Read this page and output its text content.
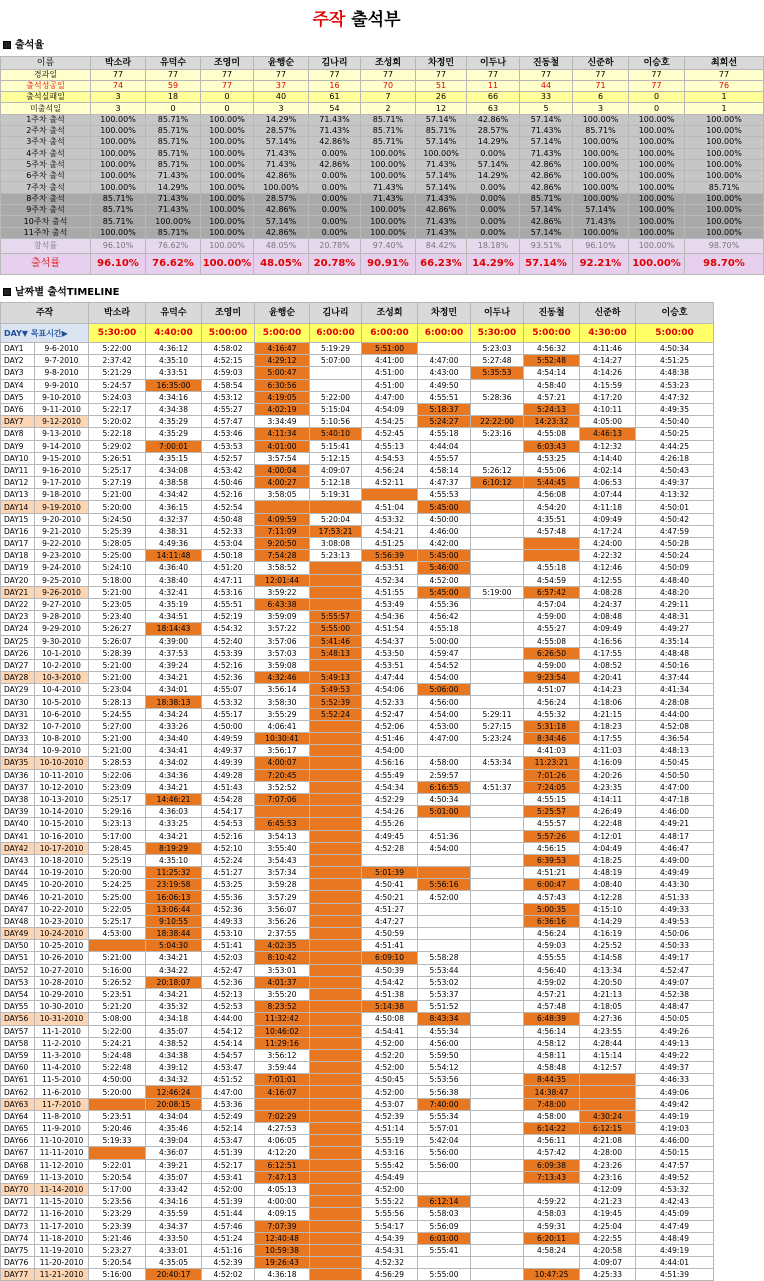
주작 출석부
출석율
이름	박소라	유덕수	조영미	윤행순	김나리	조성희	차정민	이두나	진동철	신준하	이승호	최희선
경과일	77	77	77	77	77	77	77	77	77	77	77	77
출석성공일	74	59	77	37	16	70	51	11	44	71	77	76
출석실패일	3	18	0	40	61	7	26	66	33	6	0	1
미출석일	3	0	0	3	54	2	12	63	5	3	0	1
1주차 출석	100.00%	85.71%	100.00%	14.29%	71.43%	85.71%	57.14%	42.86%	57.14%	100.00%	100.00%	100.00%
2주차 출석	100.00%	85.71%	100.00%	28.57%	71.43%	85.71%	85.71%	28.57%	71.43%	85.71%	100.00%	100.00%
3주차 출석	100.00%	85.71%	100.00%	57.14%	42.86%	85.71%	57.14%	14.29%	57.14%	100.00%	100.00%	100.00%
4주차 출석	100.00%	85.71%	100.00%	71.43%	0.00%	100.00%	100.00%	0.00%	71.43%	100.00%	100.00%	100.00%
5주차 출석	100.00%	85.71%	100.00%	71.43%	42.86%	100.00%	71.43%	57.14%	42.86%	100.00%	100.00%	100.00%
6주차 출석	100.00%	71.43%	100.00%	42.86%	0.00%	100.00%	57.14%	14.29%	42.86%	100.00%	100.00%	100.00%
7주차 출석	100.00%	14.29%	100.00%	100.00%	0.00%	71.43%	57.14%	0.00%	42.86%	100.00%	100.00%	85.71%
8주차 출석	85.71%	71.43%	100.00%	28.57%	0.00%	71.43%	71.43%	0.00%	85.71%	100.00%	100.00%	100.00%
9주차 출석	85.71%	71.43%	100.00%	42.86%	0.00%	100.00%	42.86%	0.00%	57.14%	57.14%	100.00%	100.00%
10주차 출석	85.71%	100.00%	100.00%	57.14%	0.00%	100.00%	71.43%	0.00%	42.86%	71.43%	100.00%	100.00%
11주차 출석	100.00%	85.71%	100.00%	42.86%	0.00%	100.00%	71.43%	0.00%	57.14%	100.00%	100.00%	100.00%
참석률	96.10%	76.62%	100.00%	48.05%	20.78%	97.40%	84.42%	18.18%	93.51%	96.10%	100.00%	98.70%
출석률	96.10%	76.62%	100.00%	48.05%	20.78%	90.91%	66.23%	14.29%	57.14%	92.21%	100.00%	98.70%
날짜별 출석TIMELINE
주작		박소라	유덕수	조영미	윤행순	김나리	조성희	차정민	이두나	진동철	신준하	이승호	
DAY▼ 목표시간▶		5:30:00	4:40:00	5:00:00	5:00:00	6:00:00	6:00:00	6:00:00	5:30:00	5:00:00	4:30:00	5:00:00	
DAY1	9-6-2010	5:22:00	4:36:12	4:58:02	4:16:47	5:19:29	5:51:00		5:23:03	4:56:32	4:11:46	4:50:34	
DAY2	9-7-2010	2:37:42	4:35:10	4:52:15	4:29:12	5:07:00	4:41:00	4:47:00	5:27:48	5:52:48	4:14:27	4:51:25	
DAY3	9-8-2010	5:21:29	4:33:51	4:59:03	5:00:47		4:51:00	4:43:00	5:35:53	4:54:14	4:14:26	4:48:38	
DAY4	9-9-2010	5:24:57	16:35:00	4:58:54	6:30:56		4:51:00	4:49:50		4:58:40	4:15:59	4:53:23	
DAY5	9-10-2010	5:24:03	4:34:16	4:53:12	4:19:05	5:22:00	4:47:00	4:55:51	5:28:36	4:57:21	4:17:20	4:47:32	
DAY6	9-11-2010	5:22:17	4:34:38	4:55:27	4:02:19	5:15:04	4:54:09	5:18:37		5:24:13	4:10:11	4:49:35	
DAY7	9-12-2010	5:20:02	4:35:29	4:57:47	3:34:49	5:10:56	4:54:25	5:24:27	22:22:00	14:23:32	4:05:00	4:50:40	
DAY8	9-13-2010	5:22:18	4:35:29	4:53:46	4:11:34	5:40:10	4:52:45	4:55:18	5:23:16	4:55:08	4:46:13	4:50:25	
DAY9	9-14-2010	5:29:02	7:00:01	4:53:53	4:01:00	5:15:41	4:55:13	4:44:04		6:03:43	4:12:32	4:44:25	
DAY10	9-15-2010	5:26:51	4:35:15	4:52:57	3:57:54	5:12:15	4:54:53	4:55:57		4:53:25	4:14:40	4:26:18	
DAY11	9-16-2010	5:25:17	4:34:08	4:53:42	4:00:04	4:09:07	4:56:24	4:58:14	5:26:12	4:55:06	4:02:14	4:50:43	
DAY12	9-17-2010	5:27:19	4:38:58	4:50:46	4:00:27	5:12:18	4:52:11	4:47:37	6:10:12	5:44:45	4:06:53	4:49:37	
DAY13	9-18-2010	5:21:00	4:34:42	4:52:16	3:58:05	5:19:31		4:55:53		4:56:08	4:07:44	4:13:32	
DAY14	9-19-2010	5:20:00	4:36:15	4:52:54			4:51:04	5:45:00		4:54:20	4:11:18	4:50:01	
DAY15	9-20-2010	5:24:50	4:32:37	4:50:48	4:09:59	5:20:04	4:53:32	4:50:00		4:35:51	4:09:49	4:50:42	
DAY16	9-21-2010	5:25:39	4:38:31	4:52:33	7:11:09	17:53:21	4:54:21	4:46:00		4:57:48	4:17:24	4:47:59	
DAY17	9-22-2010	5:28:05	4:49:36	4:53:04	9:20:50	3:08:08	4:51:25	4:42:00			4:24:00	4:50:28	
DAY18	9-23-2010	5:25:00	14:11:48	4:50:18	7:54:28	5:23:13	5:56:39	5:45:00			4:22:32	4:50:24	
DAY19	9-24-2010	5:24:10	4:36:40	4:51:20	3:58:52		4:53:51	5:46:00		4:55:18	4:12:46	4:50:09	
DAY20	9-25-2010	5:18:00	4:38:40	4:47:11	12:01:44		4:52:34	4:52:00		4:54:59	4:12:55	4:48:40	
DAY21	9-26-2010	5:21:00	4:32:41	4:53:16	3:59:22		4:51:55	5:45:00	5:19:00	6:57:42	4:08:28	4:48:20	
DAY22	9-27-2010	5:23:05	4:35:19	4:55:51	6:43:38		4:53:49	4:55:36		4:57:04	4:24:37	4:29:11	
DAY23	9-28-2010	5:23:40	4:34:51	4:52:19	3:59:09	5:55:57	4:54:36	4:56:42		4:59:00	4:08:48	4:48:31	
DAY24	9-29-2010	5:26:27	18:14:43	4:54:32	3:57:22	5:55:00	4:51:54	4:55:18		4:55:27	4:09:49	4:49:27	
DAY25	9-30-2010	5:26:07	4:39:00	4:52:40	3:57:06	5:41:46	4:54:37	5:00:00		4:55:08	4:16:56	4:35:14	
DAY26	10-1-2010	5:28:39	4:37:53	4:53:39	3:57:03	5:48:13	4:53:50	4:59:47		6:26:50	4:17:55	4:48:48	
DAY27	10-2-2010	5:21:00	4:39:24	4:52:16	3:59:08		4:53:51	4:54:52		4:59:00	4:08:52	4:50:16	
DAY28	10-3-2010	5:21:00	4:34:21	4:52:36	4:32:46	5:49:13	4:47:44	4:54:00		9:23:54	4:20:41	4:37:44	
DAY29	10-4-2010	5:23:04	4:34:01	4:55:07	3:56:14	5:49:53	4:54:06	5:06:00		4:51:07	4:14:23	4:41:34	
DAY30	10-5-2010	5:28:13	18:38:13	4:53:32	3:58:30	5:52:39	4:52:33	4:56:00		4:56:24	4:18:06	4:28:08	
DAY31	10-6-2010	5:24:55	4:34:24	4:55:17	3:55:29	5:52:24	4:52:47	4:54:00	5:29:11	4:55:32	4:21:15	4:44:00	
DAY32	10-7-2010	5:27:00	4:33:26	4:50:00	4:06:41		4:52:06	4:53:00	5:27:15	5:31:18	4:18:23	4:52:08	
DAY33	10-8-2010	5:21:00	4:34:40	4:49:59	10:30:41		4:51:46	4:47:00	5:23:24	8:34:46	4:17:55	4:36:54	
DAY34	10-9-2010	5:21:00	4:34:41	4:49:37	3:56:17		4:54:00			4:41:03	4:11:03	4:48:13	
DAY35	10-10-2010	5:28:53	4:34:02	4:49:39	4:00:07		4:56:16	4:58:00	4:53:34	11:23:21	4:16:09	4:50:45	
DAY36	10-11-2010	5:22:06	4:34:36	4:49:28	7:20:45		4:55:49	2:59:57		7:01:26	4:20:26	4:50:50	
DAY37	10-12-2010	5:23:09	4:34:21	4:51:43	3:52:52		4:54:34	6:16:55	4:51:37	7:24:05	4:23:35	4:47:00	
DAY38	10-13-2010	5:25:17	14:46:21	4:54:28	7:07:06		4:52:29	4:50:34		4:55:15	4:14:11	4:47:18	
DAY39	10-14-2010	5:29:16	4:36:03	4:54:17			4:54:26	5:01:00		5:25:57	4:26:49	4:46:00	
DAY40	10-15-2010	5:23:13	4:33:25	4:54:53	6:45:53		4:55:26			4:55:57	4:22:48	4:49:21	
DAY41	10-16-2010	5:17:00	4:34:21	4:52:16	3:54:13		4:49:45	4:51:36		5:57:26	4:12:01	4:48:17	
DAY42	10-17-2010	5:28:45	8:19:29	4:52:10	3:55:40		4:52:28	4:54:00		4:56:15	4:04:49	4:46:47	
DAY43	10-18-2010	5:25:19	4:35:10	4:52:24	3:54:43					6:39:53	4:18:25	4:49:00	
DAY44	10-19-2010	5:20:00	11:25:32	4:51:27	3:57:34		5:01:39			4:51:21	4:48:19	4:49:49	
DAY45	10-20-2010	5:24:25	23:19:58	4:53:25	3:59:28		4:50:41	5:56:16		6:00:47	4:08:40	4:43:30	
DAY46	10-21-2010	5:25:00	16:06:13	4:55:36	3:57:29		4:50:21	4:52:00		4:57:43	4:12:28	4:51:33	
DAY47	10-22-2010	5:22:05	13:06:44	4:52:36	3:56:07		4:51:27			5:00:35	4:15:10	4:49:33	
DAY48	10-23-2010	5:25:17	9:10:55	4:49:33	3:56:26		4:47:27			6:36:16	4:14:29	4:49:53	
DAY49	10-24-2010	4:53:00	18:38:44	4:53:10	2:37:55		4:50:59			4:56:24	4:16:19	4:50:06	
DAY50	10-25-2010		5:04:30	4:51:41	4:02:35		4:51:41			4:59:03	4:25:52	4:50:33	
DAY51	10-26-2010	5:21:00	4:34:21	4:52:03	8:10:42		6:09:10	5:58:28		4:55:55	4:14:58	4:49:17	
DAY52	10-27-2010	5:16:00	4:34:22	4:52:47	3:53:01		4:50:39	5:53:44		4:56:40	4:13:34	4:52:47	
DAY53	10-28-2010	5:26:52	20:18:07	4:52:36	4:01:37		4:54:42	5:53:02		4:59:02	4:20:50	4:49:07	
DAY54	10-29-2010	5:23:51	4:34:21	4:52:13	3:55:20		4:51:38	5:53:37		4:57:21	4:21:13	4:52:38	
DAY55	10-30-2010	5:21:20	4:35:32	4:52:53	8:23:52		5:14:38	5:51:52		4:57:48	4:18:05	4:48:47	
DAY56	10-31-2010	5:08:00	4:34:18	4:44:00	11:32:42		4:50:08	8:43:34		6:48:39	4:27:36	4:50:05	
DAY57	11-1-2010	5:22:00	4:35:07	4:54:12	10:46:02		4:54:41	4:55:34		4:56:14	4:23:55	4:49:26	
DAY58	11-2-2010	5:24:21	4:38:52	4:54:14	11:29:16		4:52:00	4:56:00		4:58:12	4:28:44	4:49:13	
DAY59	11-3-2010	5:24:48	4:34:38	4:54:57	3:56:12		4:52:20	5:59:50		4:58:11	4:15:14	4:49:22	
DAY60	11-4-2010	5:22:48	4:39:12	4:53:47	3:59:44		4:52:00	5:54:12		4:58:48	4:12:57	4:49:37	
DAY61	11-5-2010	4:50:00	4:34:32	4:51:52	7:01:01		4:50:45	5:53:56		8:44:35		4:46:33	
DAY62	11-6-2010	5:20:00	12:46:24	4:47:00	4:16:07		4:52:00	5:56:38		14:38:47		4:49:06	
DAY63	11-7-2010		20:08:15	4:53:36			4:53:07	7:40:00		7:48:00		4:49:42	
DAY64	11-8-2010	5:23:51	4:34:04	4:52:49	7:02:29		4:52:39	5:55:34		4:58:00	4:30:24	4:49:19	
DAY65	11-9-2010	5:20:46	4:35:46	4:52:14	4:27:53		4:51:14	5:57:01		6:14:22	6:12:15	4:19:03	
DAY66	11-10-2010	5:19:33	4:39:04	4:53:47	4:06:05		5:55:19	5:42:04		4:56:11	4:21:08	4:46:00	
DAY67	11-11-2010		4:36:07	4:51:39	4:12:20		4:53:16	5:56:00		4:57:42	4:28:00	4:50:15	
DAY68	11-12-2010	5:22:01	4:39:21	4:52:17	6:12:51		5:55:42	5:56:00		6:09:38	4:23:26	4:47:57	
DAY69	11-13-2010	5:20:54	4:35:07	4:53:41	7:47:13		4:54:49			7:13:43	4:23:16	4:49:52	
DAY70	11-14-2010	5:17:00	4:33:42	4:52:00	4:05:13		4:52:00				4:12:09	4:53:32	
DAY71	11-15-2010	5:23:56	4:34:16	4:51:39	4:00:00		5:55:22	6:12:14		4:59:22	4:21:23	4:42:43	
DAY72	11-16-2010	5:23:29	4:35:59	4:51:44	4:09:15		5:55:56	5:58:03		4:58:03	4:19:45	4:45:09	
DAY73	11-17-2010	5:23:39	4:34:37	4:57:46	7:07:39		5:54:17	5:56:09		4:59:31	4:25:04	4:47:49	
DAY74	11-18-2010	5:21:46	4:33:50	4:51:24	12:40:48		4:54:39	6:01:00		6:20:11	4:22:55	4:48:49	
DAY75	11-19-2010	5:23:27	4:33:01	4:51:16	10:59:38		4:54:31	5:55:41		4:58:24	4:20:58	4:49:19	
DAY76	11-20-2010	5:20:54	4:35:05	4:52:39	19:26:43		4:52:32				4:09:07	4:44:01	
DAY77	11-21-2010	5:16:00	20:40:17	4:52:02	4:36:18		4:56:29	5:55:00		10:47:25	4:25:33	4:51:39	
